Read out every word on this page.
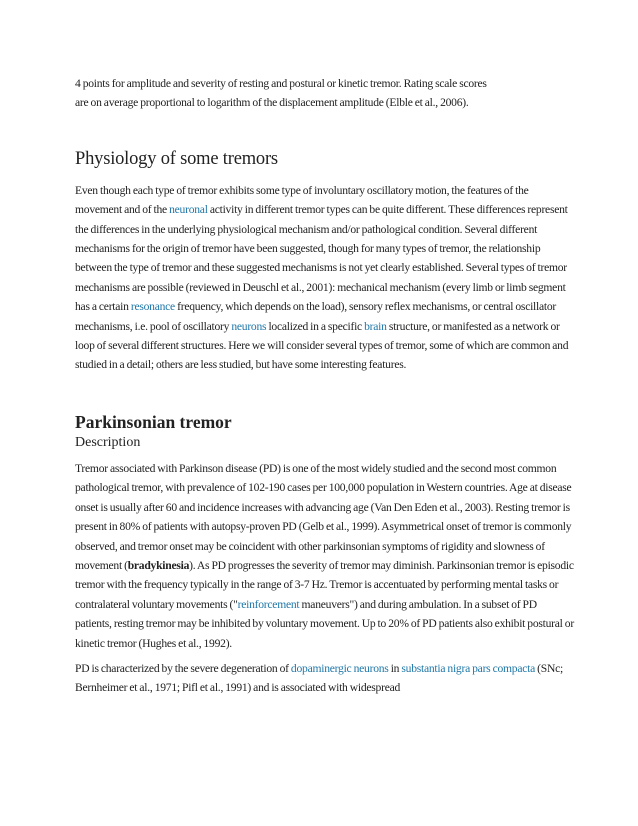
4 points for amplitude and severity of resting and postural or kinetic tremor. Rating scale scores
are on average proportional to logarithm of the displacement amplitude (Elble et al., 2006).

Physiology of some tremors

Even though each type of tremor exhibits some type of involuntary oscillatory motion, the features of the movement and of the neuronal activity in different tremor types can be quite different. These differences represent the differences in the underlying physiological mechanism and/or pathological condition. Several different mechanisms for the origin of tremor have been suggested, though for many types of tremor, the relationship between the type of tremor and these suggested mechanisms is not yet clearly established. Several types of tremor mechanisms are possible (reviewed in Deuschl et al., 2001): mechanical mechanism (every limb or limb segment has a certain resonance frequency, which depends on the load), sensory reflex mechanisms, or central oscillator mechanisms, i.e. pool of oscillatory neurons localized in a specific brain structure, or manifested as a network or loop of several different structures. Here we will consider several types of tremor, some of which are common and studied in a detail; others are less studied, but have some interesting features.

Parkinsonian tremor
Description

Tremor associated with Parkinson disease (PD) is one of the most widely studied and the second most common pathological tremor, with prevalence of 102-190 cases per 100,000 population in Western countries. Age at disease onset is usually after 60 and incidence increases with advancing age (Van Den Eden et al., 2003). Resting tremor is present in 80% of patients with autopsy-proven PD (Gelb et al., 1999). Asymmetrical onset of tremor is commonly observed, and tremor onset may be coincident with other parkinsonian symptoms of rigidity and slowness of movement (bradykinesia). As PD progresses the severity of tremor may diminish. Parkinsonian tremor is episodic tremor with the frequency typically in the range of 3-7 Hz. Tremor is accentuated by performing mental tasks or contralateral voluntary movements ("reinforcement maneuvers") and during ambulation. In a subset of PD patients, resting tremor may be inhibited by voluntary movement. Up to 20% of PD patients also exhibit postural or kinetic tremor (Hughes et al., 1992).

PD is characterized by the severe degeneration of dopaminergic neurons in substantia nigra pars compacta (SNc; Bernheimer et al., 1971; Pifl et al., 1991) and is associated with widespread
